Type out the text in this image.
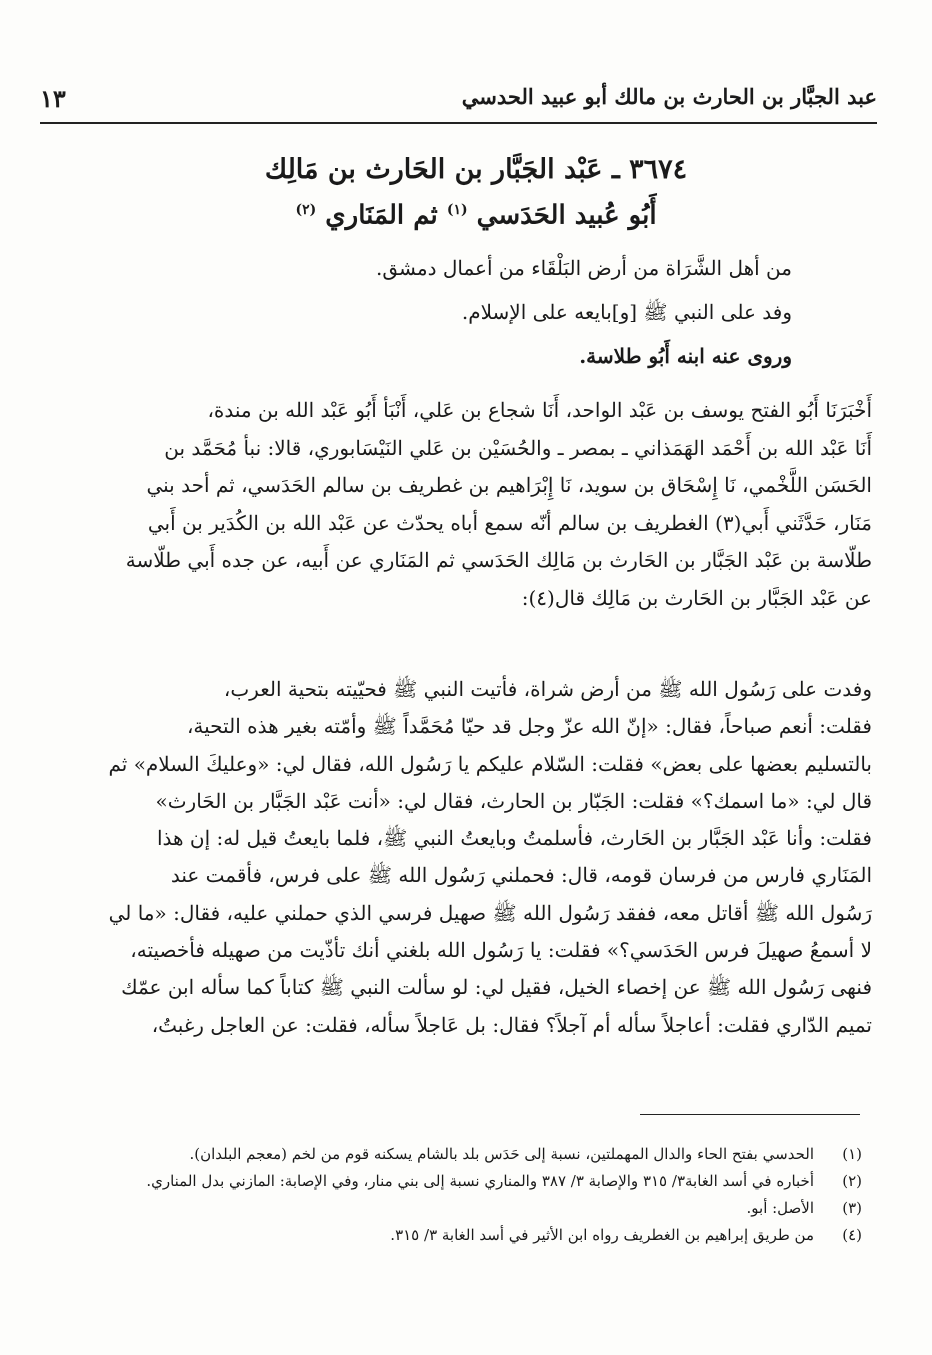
عبد الجبَّار بن الحارث بن مالك أبو عبيد الحدسي
١٣
٣٦٧٤ ـ عَبْد الجَبَّار بن الحَارث بن مَالِك
أَبُو عُبيد الحَدَسي $^{(١)}$ ثم المَنَاري $^{(٢)}$

من أهل الشَّرَاة من أرض البَلْقَاء من أعمال دمشق.

وفد على النبي ﷺ [و]بايعه على الإسلام.

وروى عنه ابنه أَبُو طلاسة.

أَخْبَرَنَا أَبُو الفتح يوسف بن عَبْد الواحد، أَنَا شجاع بن عَلي، أَنْبَأ أَبُو عَبْد الله بن مندة،
أَنَا عَبْد الله بن أَحْمَد الهَمَذاني ـ بمصر ـ والحُسَيْن بن عَلي النَيْسَابوري، قالا: نبأ مُحَمَّد بن
الحَسَن اللَّخْمي، نَا إِسْحَاق بن سويد، نَا إِبْرَاهيم بن غطريف بن سالم الحَدَسي، ثم أحد بني
مَنَار، حَدَّثَني أَبي(٣) الغطريف بن سالم أنّه سمع أباه يحدّث عن عَبْد الله بن الكُدَير بن أَبي
طلّاسة بن عَبْد الجَبَّار بن الحَارث بن مَالِك الحَدَسي ثم المَنَاري عن أَبيه، عن جده أَبي طلّاسة
عن عَبْد الجَبَّار بن الحَارث بن مَالِك قال(٤):
وفدت على رَسُول الله ﷺ من أرض شراة، فأتيت النبي ﷺ فحيّيته بتحية العرب،
فقلت: أنعم صباحاً، فقال: «إنّ الله عزّ وجل قد حيّا مُحَمَّداً ﷺ وأمّته بغير هذه التحية،
بالتسليم بعضها على بعض» فقلت: السّلام عليكم يا رَسُول الله، فقال لي: «وعليكَ السلام» ثم
قال لي: «ما اسمك؟» فقلت: الجَبّار بن الحارث، فقال لي: «أنت عَبْد الجَبَّار بن الحَارث»
فقلت: وأنا عَبْد الجَبَّار بن الحَارث، فأسلمتُ وبايعتُ النبي ﷺ، فلما بايعتُ قيل له: إن هذا
المَنَاري فارس من فرسان قومه، قال: فحملني رَسُول الله ﷺ على فرس، فأقمت عند
رَسُول الله ﷺ أقاتل معه، ففقد رَسُول الله ﷺ صهيل فرسي الذي حملني عليه، فقال: «ما لي
لا أسمعُ صهيلَ فرس الحَدَسي؟» فقلت: يا رَسُول الله بلغني أنك تأذّيت من صهيله فأخصيته،
فنهى رَسُول الله ﷺ عن إخصاء الخيل، فقيل لي: لو سألت النبي ﷺ كتاباً كما سأله ابن عمّك
تميم الدّاري فقلت: أعاجلاً سأله أم آجلاً؟ فقال: بل عَاجلاً سأله، فقلت: عن العاجل رغبتُ،
(١)
الحدسي بفتح الحاء والدال المهملتين، نسبة إلى حَدَس بلد بالشام يسكنه قوم من لخم (معجم البلدان).
(٢)
أخباره في أسد الغابة٣/ ٣١٥ والإصابة ٣/ ٣٨٧ والمناري نسبة إلى بني منار، وفي الإصابة: المازني بدل المناري.
(٣)
الأصل: أبو.
(٤)
من طريق إبراهيم بن الغطريف رواه ابن الأثير في أسد الغابة ٣/ ٣١٥.
